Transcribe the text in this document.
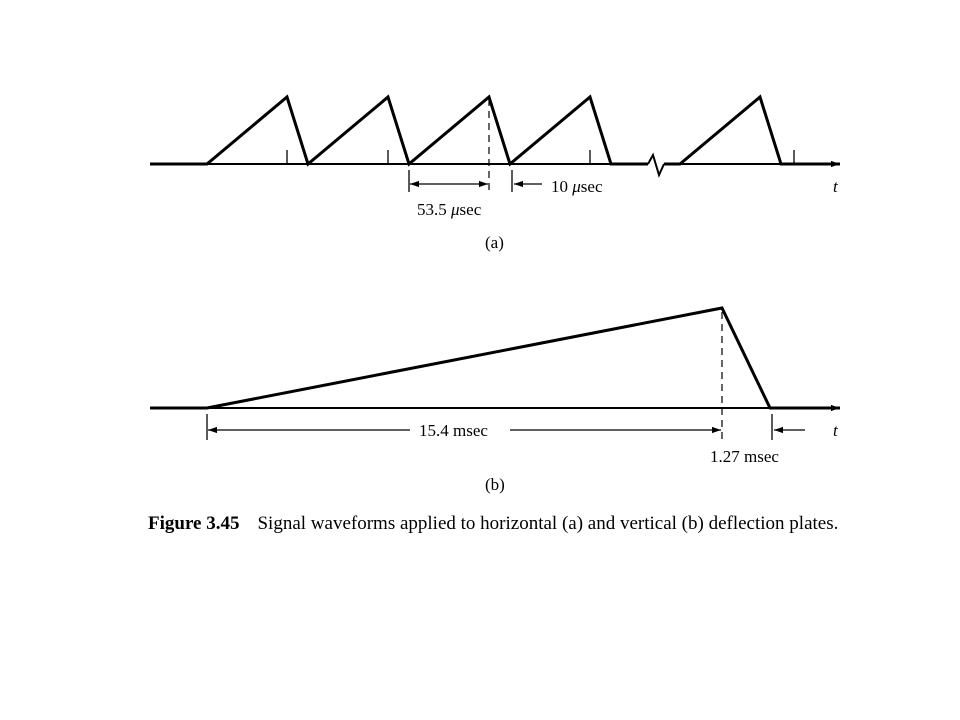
53.5 μsec
10 μsec	t
(a)
15.4 msec
1.27 msec
t
(b)
Figure 3.45 Signal waveforms applied to horizontal (a) and vertical (b) deflection plates.
